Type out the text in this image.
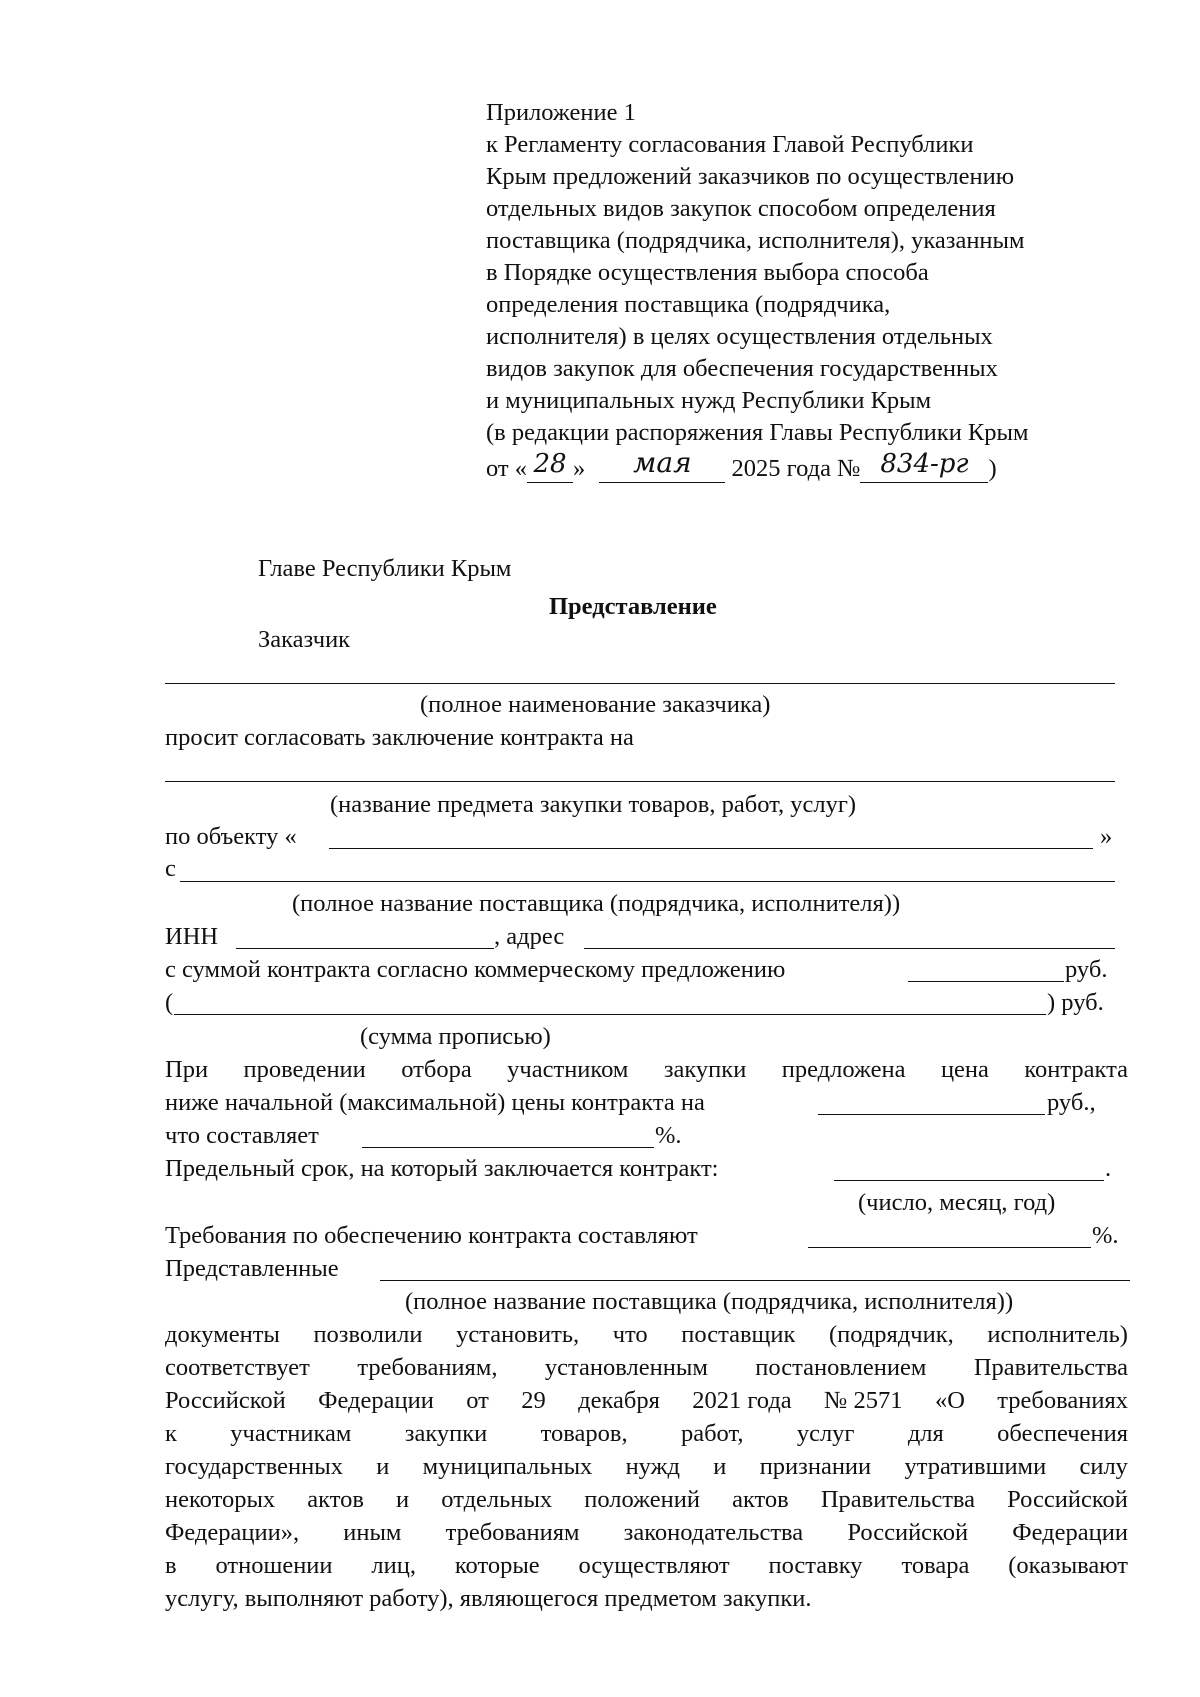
Приложение 1
к Регламенту согласования Главой Республики
Крым предложений заказчиков по осуществлению
отдельных видов закупок способом определения
поставщика (подрядчика, исполнителя), указанным
в Порядке осуществления выбора способа
определения поставщика (подрядчика,
исполнителя) в целях осуществления отдельных
видов закупок для обеспечения государственных
и муниципальных нужд Республики Крым
(в редакции распоряжения Главы Республики Крым
от « 28 » мая 2025 года № 834-рг )
Главе Республики Крым
Представление
Заказчик
(полное наименование заказчика)
просит согласовать заключение контракта на
(название предмета закупки товаров, работ, услуг)
по объекту «	»
с
(полное название поставщика (подрядчика, исполнителя))
ИНН	, адрес
с суммой контракта согласно коммерческому предложению	руб.
(	) руб.
(сумма прописью)
При проведении отбора участником закупки предложена цена контракта
ниже начальной (максимальной) цены контракта на	руб.,
что составляет	%.
Предельный срок, на который заключается контракт:	.
(число, месяц, год)
Требования по обеспечению контракта составляют	%.
Представленные
(полное название поставщика (подрядчика, исполнителя))
документы позволили установить, что поставщик (подрядчик, исполнитель)
соответствует требованиям, установленным постановлением Правительства
Российской Федерации от 29 декабря 2021 года № 2571 «О требованиях
к участникам закупки товаров, работ, услуг для обеспечения
государственных и муниципальных нужд и признании утратившими силу
некоторых актов и отдельных положений актов Правительства Российской
Федерации», иным требованиям законодательства Российской Федерации
в отношении лиц, которые осуществляют поставку товара (оказывают
услугу, выполняют работу), являющегося предметом закупки.
